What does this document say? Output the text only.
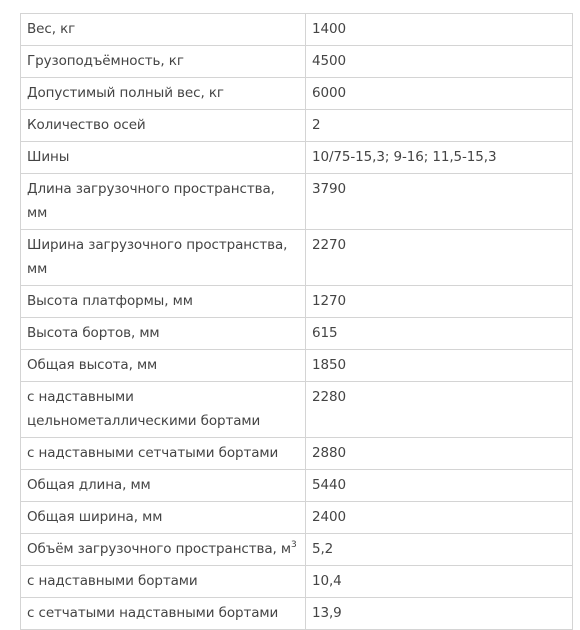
Вес, кг	1400
Грузоподъёмность, кг	4500
Допустимый полный вес, кг	6000
Количество осей	2
Шины	10/75-15,3; 9-16; 11,5-15,3
Длина загрузочного пространства, мм	3790
Ширина загрузочного пространства, мм	2270
Высота платформы, мм	1270
Высота бортов, мм	615
Общая высота, мм	1850
с надставными цельнометаллическими бортами	2280
с надставными сетчатыми бортами	2880
Общая длина, мм	5440
Общая ширина, мм	2400
Объём загрузочного пространства, $м^3$	5,2
с надставными бортами	10,4
с сетчатыми надставными бортами	13,9
